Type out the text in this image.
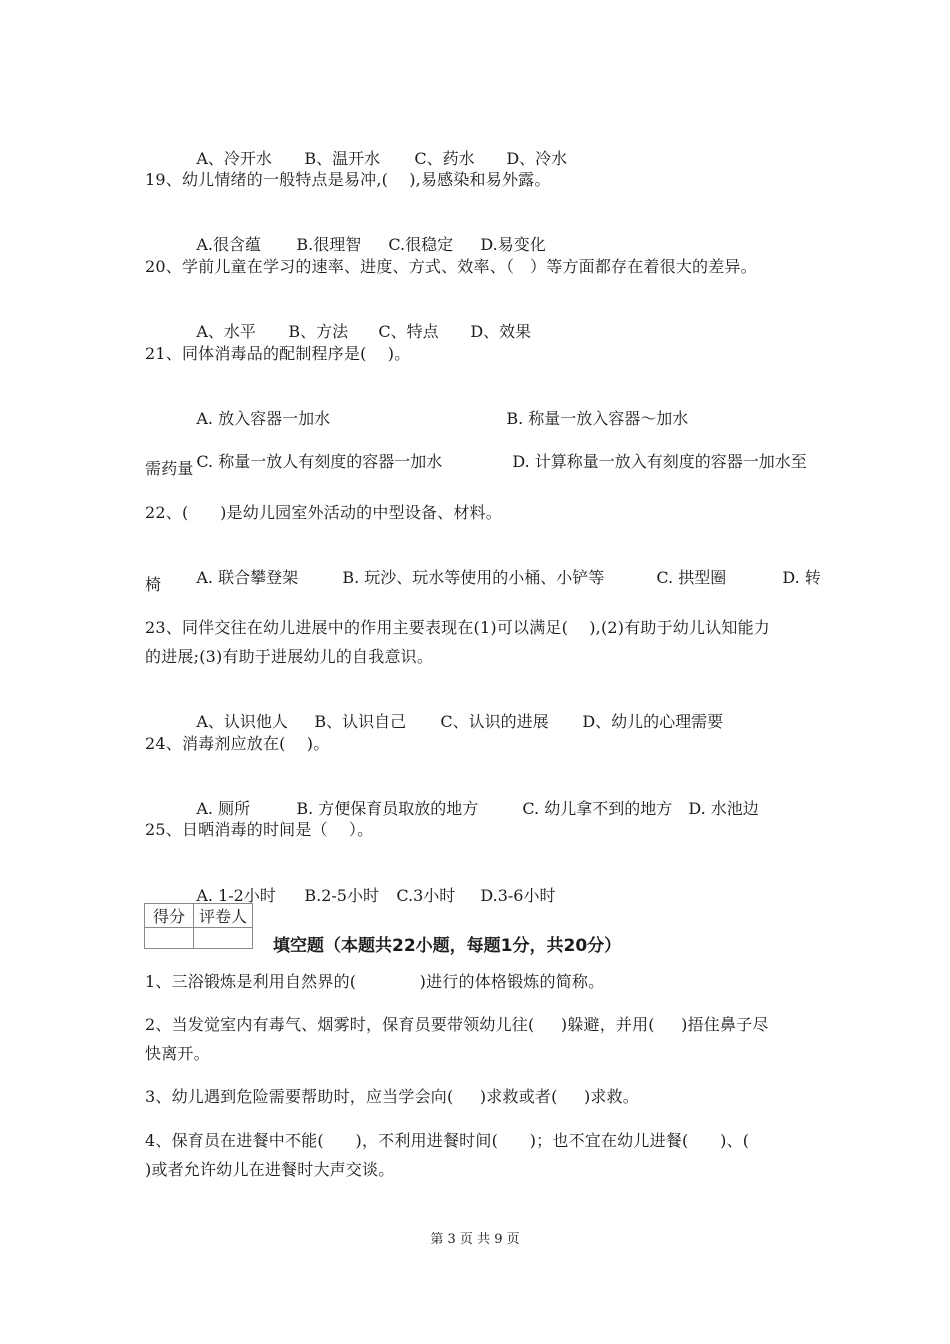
A、冷开水 B、温开水 C、药水 D、冷水

19、幼儿情绪的一般特点是易冲,(    ),易感染和易外露。

A.很含蕴 B.很理智 C.很稳定 D.易变化

20、学前儿童在学习的速率、进度、方式、效率、（   ）等方面都存在着很大的差异。

A、水平 B、方法 C、特点 D、效果

21、同体消毒品的配制程序是(    )。

A. 放入容器一加水	B. 称量一放入容器～加水

C. 称量一放人有刻度的容器一加水	D. 计算称量一放入有刻度的容器一加水至

需药量
22、(      )是幼儿园室外活动的中型设备、材料。

A. 联合攀登架	B. 玩沙、玩水等使用的小桶、小铲等	C. 拱型圈	D. 转

椅
23、同伴交往在幼儿进展中的作用主要表现在(1)可以满足(    ),(2)有助于幼儿认知能力
的进展;(3)有助于进展幼儿的自我意识。

A、认识他人 B、认识自己 C、认识的进展 D、幼儿的心理需要

24、消毒剂应放在(    )。

A. 厕所	B. 方便保育员取放的地方	C. 幼儿拿不到的地方 D. 水池边

25、日晒消毒的时间是（    ）。

A. 1-2小时 B.2-5小时 C.3小时 D.3-6小时

得分	评卷人

填空题（本题共22小题，每题1分，共20分）
1、三浴锻炼是利用自然界的(            )进行的体格锻炼的简称。
2、当发觉室内有毒气、烟雾时，保育员要带领幼儿往(     )躲避，并用(     )捂住鼻子尽
快离开。
3、幼儿遇到危险需要帮助时，应当学会向(     )求救或者(     )求救。
4、保育员在进餐中不能(      )，不利用进餐时间(      )；也不宜在幼儿进餐(      )、(
)或者允许幼儿在进餐时大声交谈。
第 3 页 共 9 页
